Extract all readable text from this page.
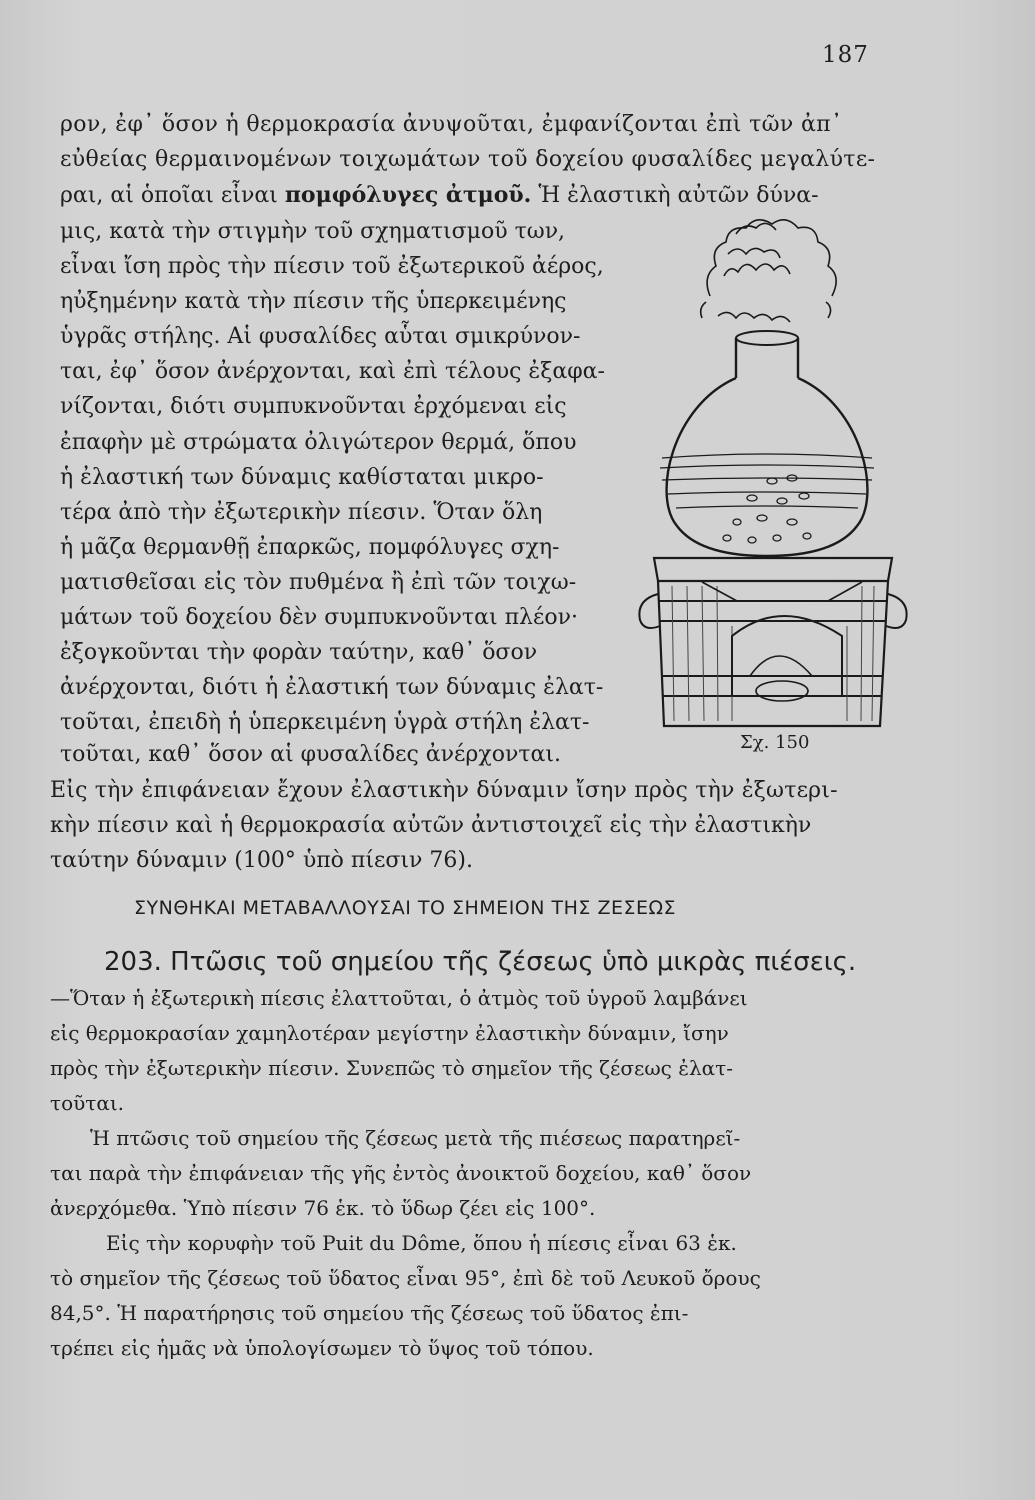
187
ρον, ἐφ᾽ ὅσον ἡ θερμοκρασία ἀνυψοῦται, ἐμφανίζονται ἐπὶ τῶν ἀπ᾽
εὐθείας θερμαινομένων τοιχωμάτων τοῦ δοχείου φυσαλίδες μεγαλύτε-
ραι, αἱ ὁποῖαι εἶναι πομφόλυγες ἀτμοῦ. Ἡ ἐλαστικὴ αὐτῶν δύνα-
μις, κατὰ τὴν στιγμὴν τοῦ σχηματισμοῦ των,
εἶναι ἴση πρὸς τὴν πίεσιν τοῦ ἐξωτερικοῦ ἀέρος,
ηὐξημένην κατὰ τὴν πίεσιν τῆς ὑπερκειμένης
ὑγρᾶς στήλης. Αἱ φυσαλίδες αὗται σμικρύνον-
ται, ἐφ᾽ ὅσον ἀνέρχονται, καὶ ἐπὶ τέλους ἐξαφα-
νίζονται, διότι συμπυκνοῦνται ἐρχόμεναι εἰς
ἐπαφὴν μὲ στρώματα ὀλιγώτερον θερμά, ὅπου
ἡ ἐλαστική των δύναμις καθίσταται μικρο-
τέρα ἀπὸ τὴν ἐξωτερικὴν πίεσιν. Ὅταν ὅλη
ἡ μᾶζα θερμανθῇ ἐπαρκῶς, πομφόλυγες σχη-
ματισθεῖσαι εἰς τὸν πυθμένα ἢ ἐπὶ τῶν τοιχω-
μάτων τοῦ δοχείου δὲν συμπυκνοῦνται πλέον·
ἐξογκοῦνται τὴν φορὰν ταύτην, καθ᾽ ὅσον
ἀνέρχονται, διότι ἡ ἐλαστική των δύναμις ἐλατ-
τοῦται, ἐπειδὴ ἡ ὑπερκειμένη ὑγρὰ στήλη ἐλατ-
τοῦται, καθ᾽ ὅσον αἱ φυσαλίδες ἀνέρχονται.
Εἰς τὴν ἐπιφάνειαν ἔχουν ἐλαστικὴν δύναμιν ἴσην πρὸς τὴν ἐξωτερι-
κὴν πίεσιν καὶ ἡ θερμοκρασία αὐτῶν ἀντιστοιχεῖ εἰς τὴν ἐλαστικὴν
ταύτην δύναμιν (100° ὑπὸ πίεσιν 76).
Σχ. 150
ΣΥΝΘΗΚΑΙ ΜΕΤΑΒΑΛΛΟΥΣΑΙ ΤΟ ΣΗΜΕΙΟΝ ΤΗΣ ΖΕΣΕΩΣ
203. Πτῶσις τοῦ σημείου τῆς ζέσεως ὑπὸ μικρὰς πιέσεις.
—Ὅταν ἡ ἐξωτερικὴ πίεσις ἐλαττοῦται, ὁ ἀτμὸς τοῦ ὑγροῦ λαμβάνει
εἰς θερμοκρασίαν χαμηλοτέραν μεγίστην ἐλαστικὴν δύναμιν, ἴσην
πρὸς τὴν ἐξωτερικὴν πίεσιν. Συνεπῶς τὸ σημεῖον τῆς ζέσεως ἐλατ-
τοῦται.
Ἡ πτῶσις τοῦ σημείου τῆς ζέσεως μετὰ τῆς πιέσεως παρατηρεῖ-
ται παρὰ τὴν ἐπιφάνειαν τῆς γῆς ἐντὸς ἀνοικτοῦ δοχείου, καθ᾽ ὅσον
ἀνερχόμεθα. Ὑπὸ πίεσιν 76 ἑκ. τὸ ὕδωρ ζέει εἰς 100°.
Εἰς τὴν κορυφὴν τοῦ Puit du Dôme, ὅπου ἡ πίεσις εἶναι 63 ἑκ.
τὸ σημεῖον τῆς ζέσεως τοῦ ὕδατος εἶναι 95°, ἐπὶ δὲ τοῦ Λευκοῦ ὄρους
84,5°. Ἡ παρατήρησις τοῦ σημείου τῆς ζέσεως τοῦ ὕδατος ἐπι-
τρέπει εἰς ἡμᾶς νὰ ὑπολογίσωμεν τὸ ὕψος τοῦ τόπου.
